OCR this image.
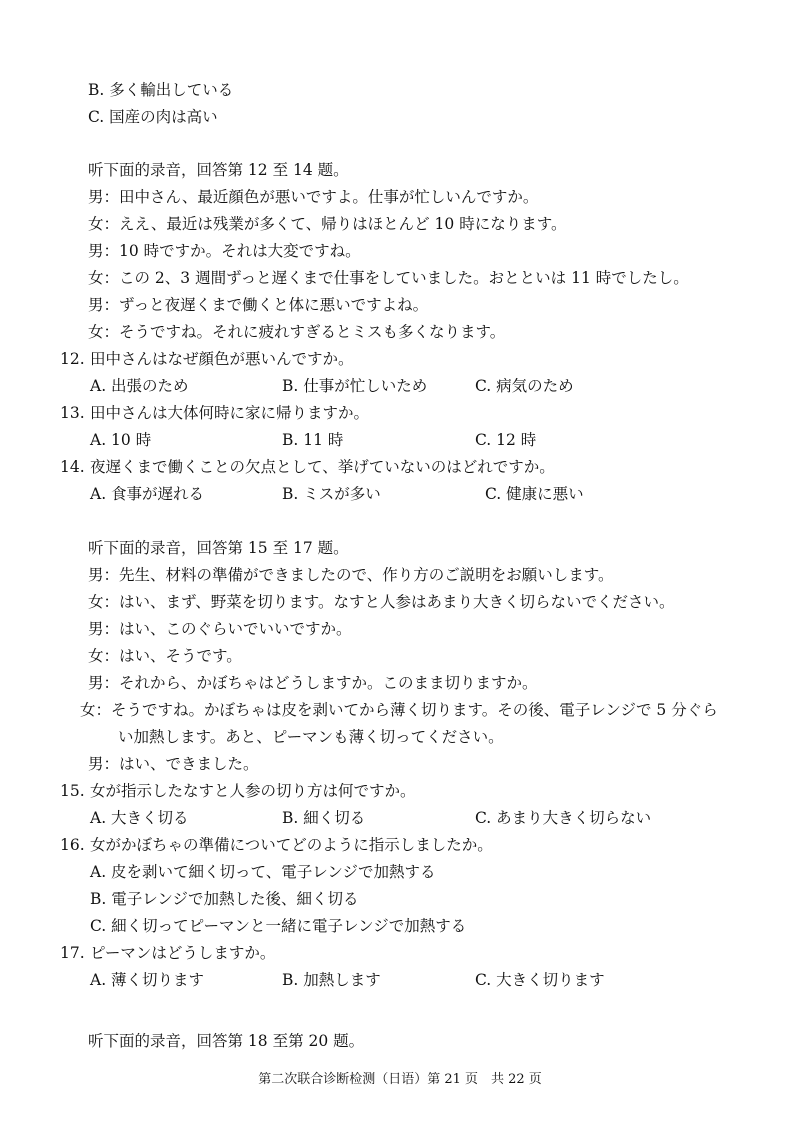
B. 多く輸出している
C. 国産の肉は高い
听下面的录音，回答第 12 至 14 题。
男：田中さん、最近顔色が悪いですよ。仕事が忙しいんですか。
女：ええ、最近は残業が多くて、帰りはほとんど 10 時になります。
男：10 時ですか。それは大変ですね。
女：この 2、3 週間ずっと遅くまで仕事をしていました。おとといは 11 時でしたし。
男：ずっと夜遅くまで働くと体に悪いですよね。
女：そうですね。それに疲れすぎるとミスも多くなります。
12. 田中さんはなぜ顔色が悪いんですか。
A. 出張のため	B. 仕事が忙しいため	C. 病気のため
13. 田中さんは大体何時に家に帰りますか。
A. 10 時	B. 11 時	C. 12 時
14. 夜遅くまで働くことの欠点として、挙げていないのはどれですか。
A. 食事が遅れる	B. ミスが多い	C. 健康に悪い
听下面的录音，回答第 15 至 17 题。
男：先生、材料の準備ができましたので、作り方のご説明をお願いします。
女：はい、まず、野菜を切ります。なすと人参はあまり大きく切らないでください。
男：はい、このぐらいでいいですか。
女：はい、そうです。
男：それから、かぼちゃはどうしますか。このまま切りますか。
女：そうですね。かぼちゃは皮を剥いてから薄く切ります。その後、電子レンジで 5 分ぐら
い加熱します。あと、ピーマンも薄く切ってください。
男：はい、できました。
15. 女が指示したなすと人参の切り方は何ですか。
A. 大きく切る	B. 細く切る	C. あまり大きく切らない
16. 女がかぼちゃの準備についてどのように指示しましたか。
A. 皮を剥いて細く切って、電子レンジで加熱する
B. 電子レンジで加熱した後、細く切る
C. 細く切ってピーマンと一緒に電子レンジで加熱する
17. ピーマンはどうしますか。
A. 薄く切ります	B. 加熱します	C. 大きく切ります
听下面的录音，回答第 18 至第 20 题。
第二次联合诊断检测（日语）第 21 页　共 22 页
